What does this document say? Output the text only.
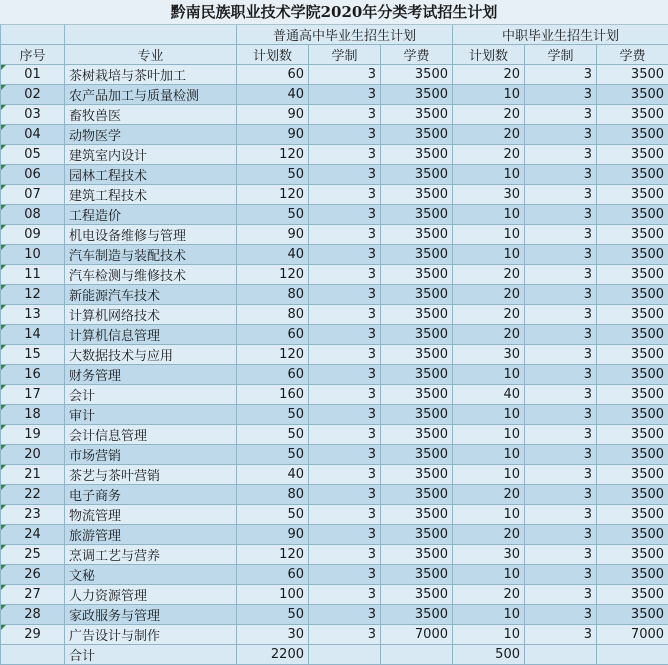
黔南民族职业技术学院2020年分类考试招生计划
		普通高中毕业生招生计划			中职毕业生招生计划		
序号	专业	计划数	学制	学费	计划数	学制	学费
01	茶树栽培与茶叶加工	60	3	3500	20	3	3500
02	农产品加工与质量检测	40	3	3500	10	3	3500
03	畜牧兽医	90	3	3500	20	3	3500
04	动物医学	90	3	3500	20	3	3500
05	建筑室内设计	120	3	3500	20	3	3500
06	园林工程技术	50	3	3500	10	3	3500
07	建筑工程技术	120	3	3500	30	3	3500
08	工程造价	50	3	3500	10	3	3500
09	机电设备维修与管理	90	3	3500	10	3	3500
10	汽车制造与装配技术	40	3	3500	10	3	3500
11	汽车检测与维修技术	120	3	3500	20	3	3500
12	新能源汽车技术	80	3	3500	20	3	3500
13	计算机网络技术	80	3	3500	20	3	3500
14	计算机信息管理	60	3	3500	20	3	3500
15	大数据技术与应用	120	3	3500	30	3	3500
16	财务管理	60	3	3500	10	3	3500
17	会计	160	3	3500	40	3	3500
18	审计	50	3	3500	10	3	3500
19	会计信息管理	50	3	3500	10	3	3500
20	市场营销	50	3	3500	10	3	3500
21	茶艺与茶叶营销	40	3	3500	10	3	3500
22	电子商务	80	3	3500	20	3	3500
23	物流管理	50	3	3500	10	3	3500
24	旅游管理	90	3	3500	20	3	3500
25	烹调工艺与营养	120	3	3500	30	3	3500
26	文秘	60	3	3500	10	3	3500
27	人力资源管理	100	3	3500	20	3	3500
28	家政服务与管理	50	3	3500	10	3	3500
29	广告设计与制作	30	3	7000	10	3	7000
	合计	2200			500		
